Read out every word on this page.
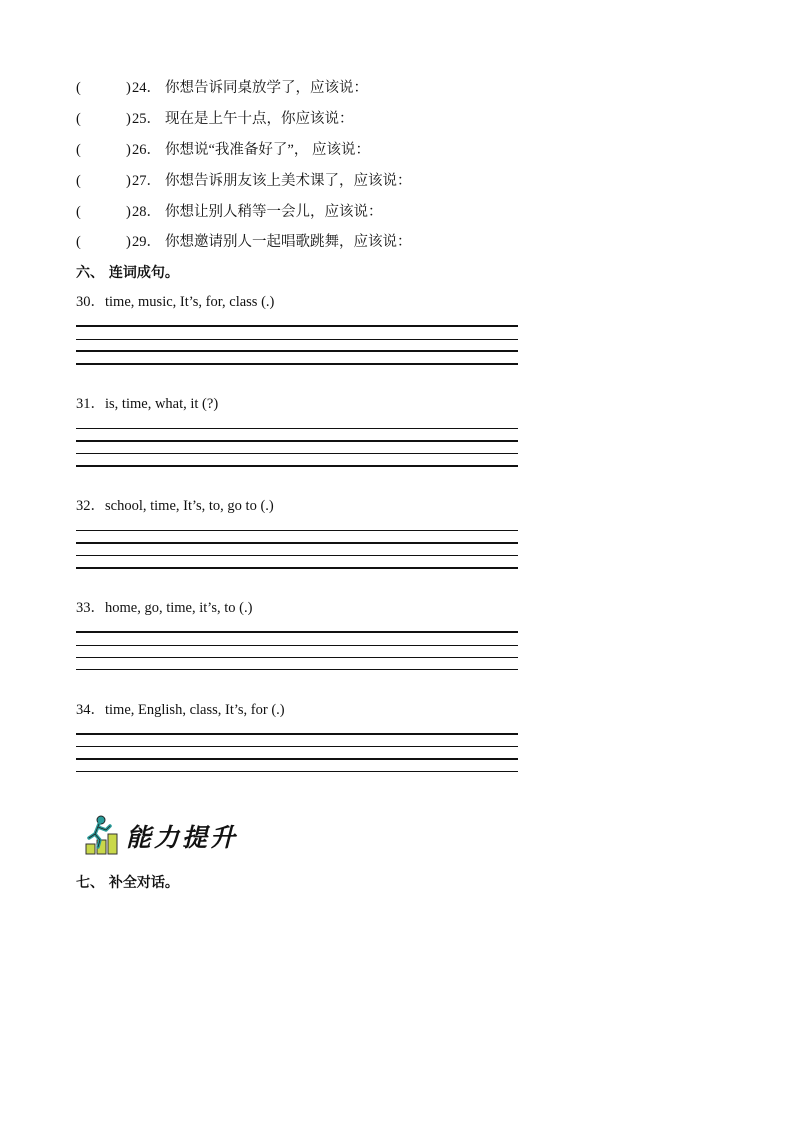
(	) 24． 你想告诉同桌放学了，应该说：
(	) 25． 现在是上午十点，你应该说：
(	) 26． 你想说“我准备好了”， 应该说：
(	) 27． 你想告诉朋友该上美术课了，应该说：
(	) 28． 你想让别人稍等一会儿，应该说：
(	) 29． 你想邀请别人一起唱歌跳舞，应该说：
六、 连词成句。
30．time, music, It’s, for, class (.)
31．is, time, what, it (?)
32．school, time, It’s, to, go to (.)
33．home, go, time, it’s, to (.)
34．time, English, class, It’s, for (.)
能力提升
七、 补全对话。
